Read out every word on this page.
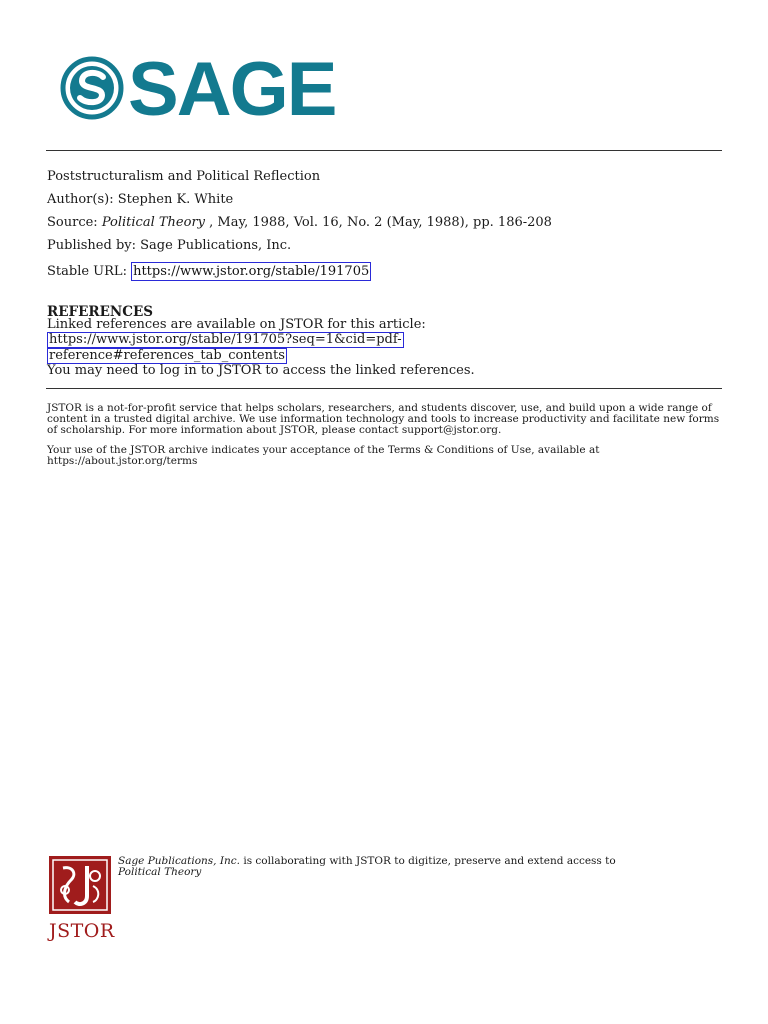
SAGE
Poststructuralism and Political Reflection
Author(s): Stephen K. White
Source: Political Theory , May, 1988, Vol. 16, No. 2 (May, 1988), pp. 186-208
Published by: Sage Publications, Inc.
Stable URL: https://www.jstor.org/stable/191705
REFERENCES
Linked references are available on JSTOR for this article:
https://www.jstor.org/stable/191705?seq=1&cid=pdf-
reference#references_tab_contents
You may need to log in to JSTOR to access the linked references.
JSTOR is a not-for-profit service that helps scholars, researchers, and students discover, use, and build upon a wide range of content in a trusted digital archive. We use information technology and tools to increase productivity and facilitate new forms of scholarship. For more information about JSTOR, please contact support@jstor.org.
Your use of the JSTOR archive indicates your acceptance of the Terms & Conditions of Use, available at https://about.jstor.org/terms
JSTOR
Sage Publications, Inc. is collaborating with JSTOR to digitize, preserve and extend access to
Political Theory
